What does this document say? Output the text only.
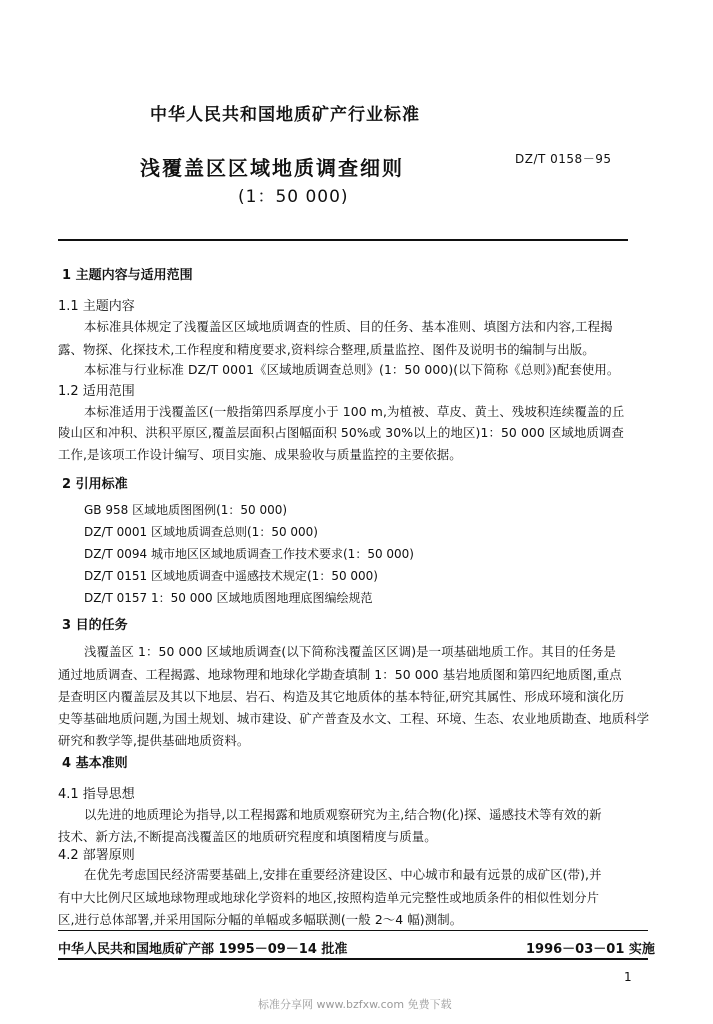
中华人民共和国地质矿产行业标准
浅覆盖区区域地质调查细则
(1：50 000)
DZ/T 0158－95
1 主题内容与适用范围
1.1 主题内容
本标准具体规定了浅覆盖区区域地质调查的性质、目的任务、基本准则、填图方法和内容,工程揭
露、物探、化探技术,工作程度和精度要求,资料综合整理,质量监控、图件及说明书的编制与出版。
本标准与行业标准 DZ/T 0001《区域地质调查总则》(1：50 000)(以下简称《总则》)配套使用。
1.2 适用范围
本标准适用于浅覆盖区(一般指第四系厚度小于 100 m,为植被、草皮、黄土、残坡积连续覆盖的丘
陵山区和冲积、洪积平原区,覆盖层面积占图幅面积 50%或 30%以上的地区)1：50 000 区域地质调查
工作,是该项工作设计编写、项目实施、成果验收与质量监控的主要依据。
2 引用标准
GB 958 区域地质图图例(1：50 000)
DZ/T 0001 区域地质调查总则(1：50 000)
DZ/T 0094 城市地区区域地质调查工作技术要求(1：50 000)
DZ/T 0151 区域地质调查中遥感技术规定(1：50 000)
DZ/T 0157 1：50 000 区域地质图地理底图编绘规范
3 目的任务
浅覆盖区 1：50 000 区域地质调查(以下简称浅覆盖区区调)是一项基础地质工作。其目的任务是
通过地质调查、工程揭露、地球物理和地球化学勘查填制 1：50 000 基岩地质图和第四纪地质图,重点
是查明区内覆盖层及其以下地层、岩石、构造及其它地质体的基本特征,研究其属性、形成环境和演化历
史等基础地质问题,为国土规划、城市建设、矿产普查及水文、工程、环境、生态、农业地质勘查、地质科学
研究和教学等,提供基础地质资料。
4 基本准则
4.1 指导思想
以先进的地质理论为指导,以工程揭露和地质观察研究为主,结合物(化)探、遥感技术等有效的新
技术、新方法,不断提高浅覆盖区的地质研究程度和填图精度与质量。
4.2 部署原则
在优先考虑国民经济需要基础上,安排在重要经济建设区、中心城市和最有远景的成矿区(带),并
有中大比例尺区域地球物理或地球化学资料的地区,按照构造单元完整性或地质条件的相似性划分片
区,进行总体部署,并采用国际分幅的单幅或多幅联测(一般 2～4 幅)测制。
中华人民共和国地质矿产部 1995－09－14 批准	1996－03－01 实施
1
标准分享网 www.bzfxw.com 免费下载
